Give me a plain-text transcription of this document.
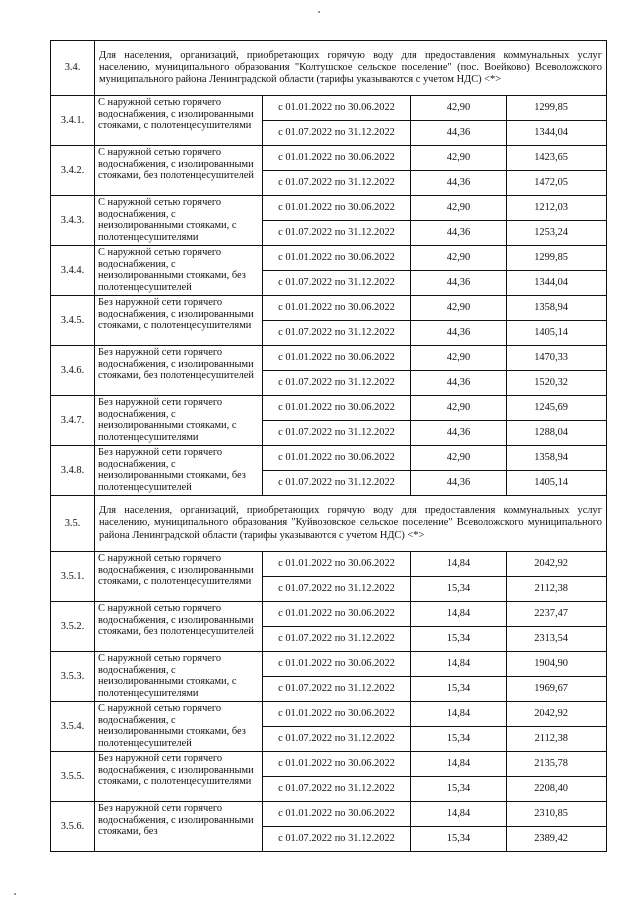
3.4.	Для населения, организаций, приобретающих горячую воду для предоставления коммунальных услуг населению, муниципального образования "Колтушское сельское поселение" (пос. Воейково) Всеволожского муниципального района Ленинградской области (тарифы указываются с учетом НДС) <*>			
3.4.1.	С наружной сетью горячего водоснабжения, с изолированными стояками, с полотенцесушителями	с 01.01.2022 по 30.06.2022	42,90	1299,85
		с 01.07.2022 по 31.12.2022	44,36	1344,04
3.4.2.	С наружной сетью горячего водоснабжения, с изолированными стояками, без полотенцесушителей	с 01.01.2022 по 30.06.2022	42,90	1423,65
		с 01.07.2022 по 31.12.2022	44,36	1472,05
3.4.3.	С наружной сетью горячего водоснабжения, с неизолированными стояками, с полотенцесушителями	с 01.01.2022 по 30.06.2022	42,90	1212,03
		с 01.07.2022 по 31.12.2022	44,36	1253,24
3.4.4.	С наружной сетью горячего водоснабжения, с неизолированными стояками, без полотенцесушителей	с 01.01.2022 по 30.06.2022	42,90	1299,85
		с 01.07.2022 по 31.12.2022	44,36	1344,04
3.4.5.	Без наружной сети горячего водоснабжения, с изолированными стояками, с полотенцесушителями	с 01.01.2022 по 30.06.2022	42,90	1358,94
		с 01.07.2022 по 31.12.2022	44,36	1405,14
3.4.6.	Без наружной сети горячего водоснабжения, с изолированными стояками, без полотенцесушителей	с 01.01.2022 по 30.06.2022	42,90	1470,33
		с 01.07.2022 по 31.12.2022	44,36	1520,32
3.4.7.	Без наружной сети горячего водоснабжения, с неизолированными стояками, с полотенцесушителями	с 01.01.2022 по 30.06.2022	42,90	1245,69
		с 01.07.2022 по 31.12.2022	44,36	1288,04
3.4.8.	Без наружной сети горячего водоснабжения, с неизолированными стояками, без полотенцесушителей	с 01.01.2022 по 30.06.2022	42,90	1358,94
		с 01.07.2022 по 31.12.2022	44,36	1405,14
3.5.	Для населения, организаций, приобретающих горячую воду для предоставления коммунальных услуг населению, муниципального образования "Куйвозовское сельское поселение" Всеволожского муниципального района Ленинградской области (тарифы указываются с учетом НДС) <*>			
3.5.1.	С наружной сетью горячего водоснабжения, с изолированными стояками, с полотенцесушителями	с 01.01.2022 по 30.06.2022	14,84	2042,92
		с 01.07.2022 по 31.12.2022	15,34	2112,38
3.5.2.	С наружной сетью горячего водоснабжения, с изолированными стояками, без полотенцесушителей	с 01.01.2022 по 30.06.2022	14,84	2237,47
		с 01.07.2022 по 31.12.2022	15,34	2313,54
3.5.3.	С наружной сетью горячего водоснабжения, с неизолированными стояками, с полотенцесушителями	с 01.01.2022 по 30.06.2022	14,84	1904,90
		с 01.07.2022 по 31.12.2022	15,34	1969,67
3.5.4.	С наружной сетью горячего водоснабжения, с неизолированными стояками, без полотенцесушителей	с 01.01.2022 по 30.06.2022	14,84	2042,92
		с 01.07.2022 по 31.12.2022	15,34	2112,38
3.5.5.	Без наружной сети горячего водоснабжения, с изолированными стояками, с полотенцесушителями	с 01.01.2022 по 30.06.2022	14,84	2135,78
		с 01.07.2022 по 31.12.2022	15,34	2208,40
3.5.6.	Без наружной сети горячего водоснабжения, с изолированными стояками, без	с 01.01.2022 по 30.06.2022	14,84	2310,85
		с 01.07.2022 по 31.12.2022	15,34	2389,42
